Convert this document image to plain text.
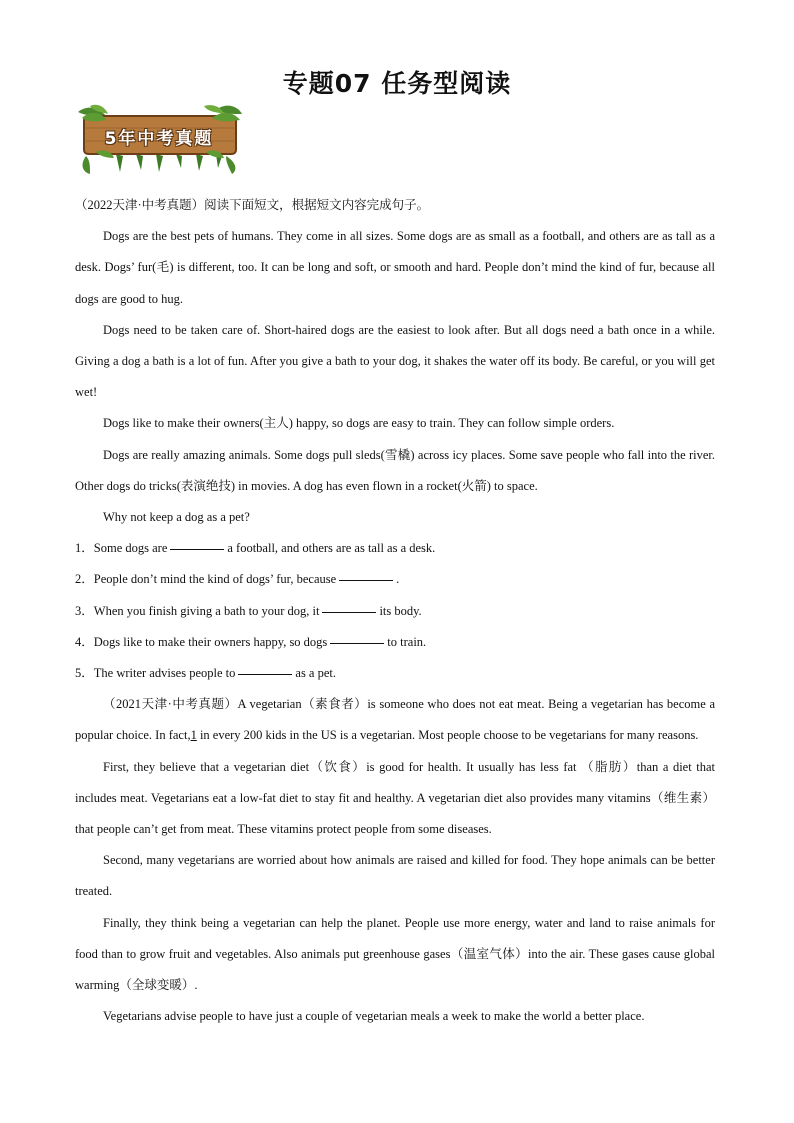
专题07 任务型阅读
5年中考真题

（2022天津·中考真题）阅读下面短文，根据短文内容完成句子。

Dogs are the best pets of humans. They come in all sizes. Some dogs are as small as a football, and others are as tall as a desk. Dogs’ fur(毛) is different, too. It can be long and soft, or smooth and hard. People don’t mind the kind of fur, because all dogs are good to hug.

Dogs need to be taken care of. Short-haired dogs are the easiest to look after. But all dogs need a bath once in a while. Giving a dog a bath is a lot of fun. After you give a bath to your dog, it shakes the water off its body. Be careful, or you will get wet!

Dogs like to make their owners(主人) happy, so dogs are easy to train. They can follow simple orders.

Dogs are really amazing animals. Some dogs pull sleds(雪橇) across icy places. Some save people who fall into the river. Other dogs do tricks(表演绝技) in movies. A dog has even flown in a rocket(火箭) to space.

Why not keep a dog as a pet?

1．Some dogs are	a football, and others are as tall as a desk.

2．People don’t mind the kind of dogs’ fur, because	.

3．When you finish giving a bath to your dog, it	its body.

4．Dogs like to make their owners happy, so dogs	to train.

5．The writer advises people to	as a pet.

（2021天津·中考真题）A vegetarian（素食者）is someone who does not eat meat. Being a vegetarian has become a popular choice. In fact,1 in every 200 kids in the US is a vegetarian. Most people choose to be vegetarians for many reasons.

First, they believe that a vegetarian diet（饮食）is good for health. It usually has less fat （脂肪）than a diet that includes meat. Vegetarians eat a low-fat diet to stay fit and healthy. A vegetarian diet also provides many vitamins（维生素）that people can’t get from meat. These vitamins protect people from some diseases.

Second, many vegetarians are worried about how animals are raised and killed for food. They hope animals can be better treated.

Finally, they think being a vegetarian can help the planet. People use more energy, water and land to raise animals for food than to grow fruit and vegetables. Also animals put greenhouse gases（温室气体）into the air. These gases cause global warming（全球变暖）.

Vegetarians advise people to have just a couple of vegetarian meals a week to make the world a better place.
